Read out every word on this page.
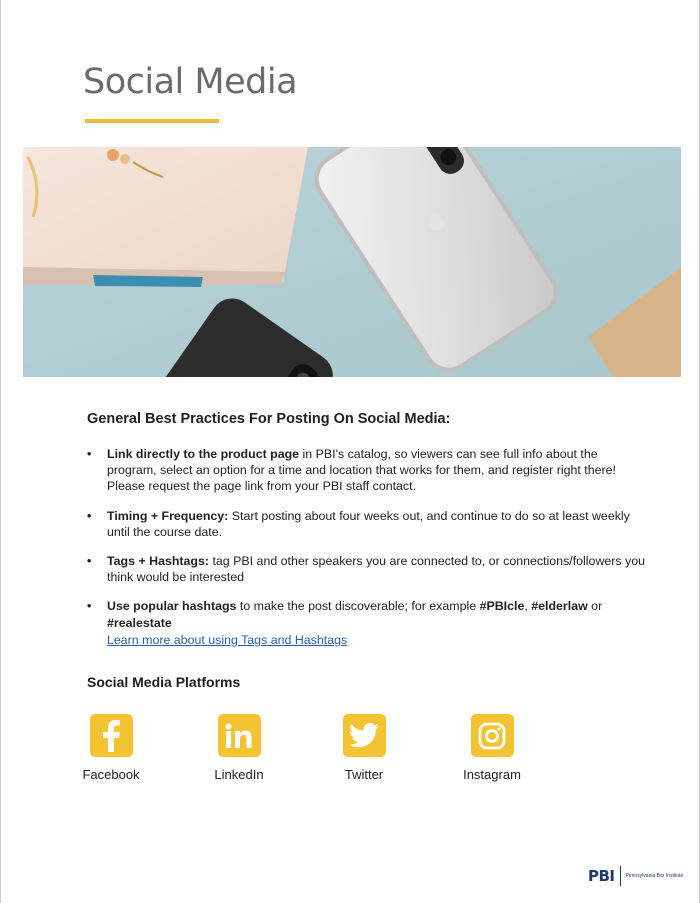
Social Media
General Best Practices For Posting On Social Media:
• Link directly to the product page in PBI's catalog, so viewers can see full info about the program, select an option for a time and location that works for them, and register right there! Please request the page link from your PBI staff contact.
• Timing + Frequency: Start posting about four weeks out, and continue to do so at least weekly until the course date.
• Tags + Hashtags: tag PBI and other speakers you are connected to, or connections/followers you think would be interested
• Use popular hashtags to make the post discoverable; for example #PBIcle, #elderlaw or #realestate
Learn more about using Tags and Hashtags
Social Media Platforms
Facebook	LinkedIn	Twitter	Instagram
PBI Pennsylvania Bar Institute
